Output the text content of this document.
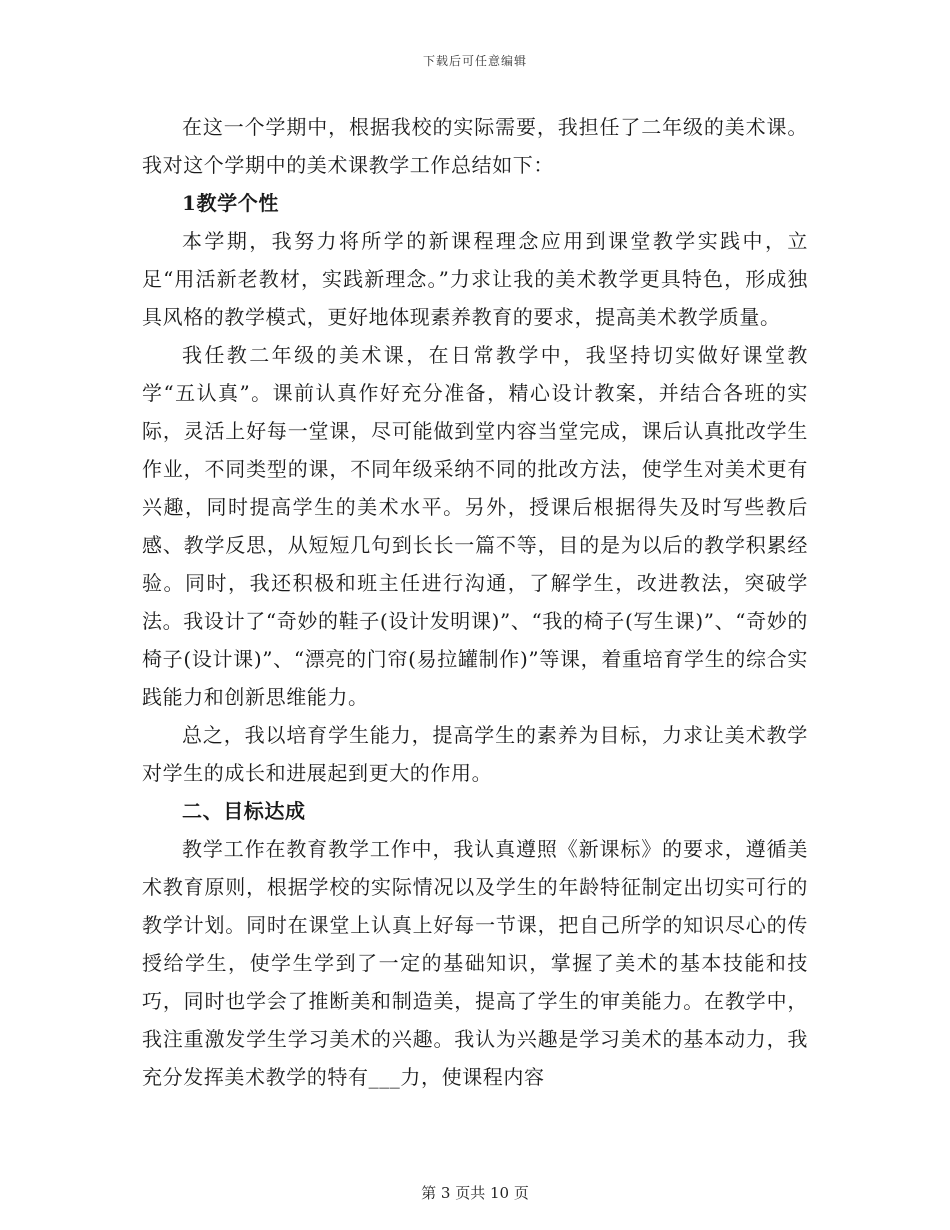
下载后可任意编辑

在这一个学期中，根据我校的实际需要，我担任了二年级的美术课。我对这个学期中的美术课教学工作总结如下：

1教学个性

本学期，我努力将所学的新课程理念应用到课堂教学实践中，立足“用活新老教材，实践新理念。”力求让我的美术教学更具特色，形成独具风格的教学模式，更好地体现素养教育的要求，提高美术教学质量。

我任教二年级的美术课，在日常教学中，我坚持切实做好课堂教学“五认真”。课前认真作好充分准备，精心设计教案，并结合各班的实际，灵活上好每一堂课，尽可能做到堂内容当堂完成，课后认真批改学生作业，不同类型的课，不同年级采纳不同的批改方法，使学生对美术更有兴趣，同时提高学生的美术水平。另外，授课后根据得失及时写些教后感、教学反思，从短短几句到长长一篇不等，目的是为以后的教学积累经验。同时，我还积极和班主任进行沟通，了解学生，改进教法，突破学法。我设计了“奇妙的鞋子(设计发明课)”、“我的椅子(写生课)”、“奇妙的椅子(设计课)”、“漂亮的门帘(易拉罐制作)”等课，着重培育学生的综合实践能力和创新思维能力。

总之，我以培育学生能力，提高学生的素养为目标，力求让美术教学对学生的成长和进展起到更大的作用。

二、目标达成

教学工作在教育教学工作中，我认真遵照《新课标》的要求，遵循美术教育原则，根据学校的实际情况以及学生的年龄特征制定出切实可行的教学计划。同时在课堂上认真上好每一节课，把自己所学的知识尽心的传授给学生，使学生学到了一定的基础知识，掌握了美术的基本技能和技巧，同时也学会了推断美和制造美，提高了学生的审美能力。在教学中，我注重激发学生学习美术的兴趣。我认为兴趣是学习美术的基本动力，我充分发挥美术教学的特有___力，使课程内容

第 3 页共 10 页
